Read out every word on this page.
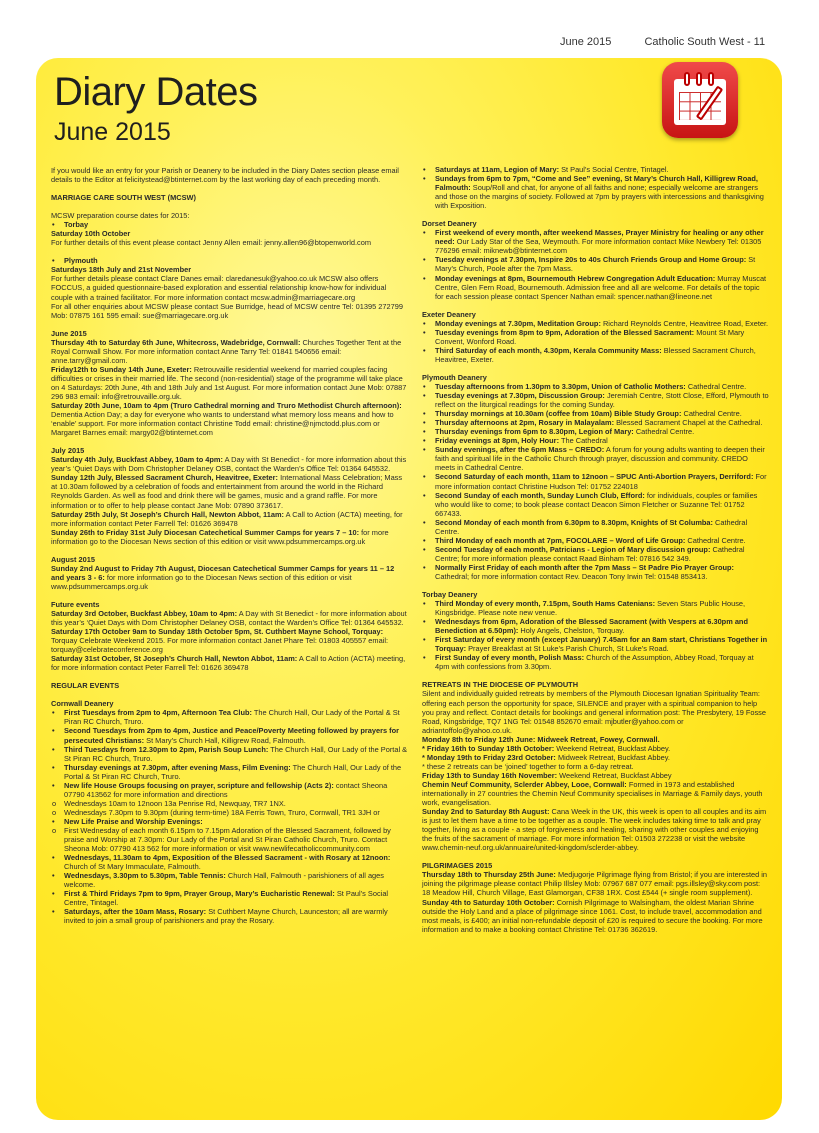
June 2015	Catholic South West - 11
Diary Dates
June 2015

If you would like an entry for your Parish or Deanery to be included in the Diary Dates section please email details to the Editor at felicitystead@btinternet.com by the last working day of each preceding month.

MARRIAGE CARE SOUTH WEST (MCSW)

MCSW preparation course dates for 2015:

• Torbay

Saturday 10th October

For further details of this event please contact Jenny Allen email: jenny.allen96@btopenworld.com

• Plymouth

Saturdays 18th July and 21st November

For further details please contact Clare Danes email: claredanesuk@yahoo.co.uk MCSW also offers FOCCUS, a guided questionnaire-based exploration and essential relationship know-how for individual couple with a trained facilitator. For more information contact mcsw.admin@marriagecare.org

For all other enquiries about MCSW please contact Sue Burridge, head of MCSW centre Tel: 01395 272799 Mob: 07875 161 595 email: sue@marriagecare.org.uk

June 2015

Thursday 4th to Saturday 6th June, Whitecross, Wadebridge, Cornwall: Churches Together Tent at the Royal Cornwall Show. For more information contact Anne Tarry Tel: 01841 540656 email: anne.tarry@gmail.com.

Friday12th to Sunday 14th June, Exeter: Retrouvaille residential weekend for married couples facing difficulties or crises in their married life. The second (non-residential) stage of the programme will take place on 4 Saturdays: 20th June, 4th and 18th July and 1st August. For more information contact June Mob: 07887 296 983 email: info@retrouvaille.org.uk.

Saturday 20th June, 10am to 4pm (Truro Cathedral morning and Truro Methodist Church afternoon): Dementia Action Day; a day for everyone who wants to understand what memory loss means and how to ‘enable’ support. For more information contact Christine Todd email: christine@njmctodd.plus.com or Margaret Barnes email: margy02@btinternet.com

July 2015

Saturday 4th July, Buckfast Abbey, 10am to 4pm: A Day with St Benedict - for more information about this year’s ‘Quiet Days with Dom Christopher Delaney OSB, contact the Warden’s Office Tel: 01364 645532.

Sunday 12th July, Blessed Sacrament Church, Heavitree, Exeter: International Mass Celebration; Mass at 10.30am followed by a celebration of foods and entertainment from around the world in the Richard Reynolds Garden. As well as food and drink there will be games, music and a grand raffle. For more information or to offer to help please contact Jane Mob: 07890 373617.

Saturday 25th July, St Joseph’s Church Hall, Newton Abbot, 11am: A Call to Action (ACTA) meeting, for more information contact Peter Farrell Tel: 01626 369478

Sunday 26th to Friday 31st July Diocesan Catechetical Summer Camps for years 7 – 10: for more information go to the Diocesan News section of this edition or visit www.pdsummercamps.org.uk

August 2015

Sunday 2nd August to Friday 7th August, Diocesan Catechetical Summer Camps for years 11 – 12 and years 3 - 6: for more information go to the Diocesan News section of this edition or visit www.pdsummercamps.org.uk

Future events

Saturday 3rd October, Buckfast Abbey, 10am to 4pm: A Day with St Benedict - for more information about this year’s ‘Quiet Days with Dom Christopher Delaney OSB, contact the Warden’s Office Tel: 01364 645532.

Saturday 17th October 9am to Sunday 18th October 5pm, St. Cuthbert Mayne School, Torquay: Torquay Celebrate Weekend 2015. For more information contact Janet Phare Tel: 01803 405557 email: torquay@celebrateconference.org

Saturday 31st October, St Joseph’s Church Hall, Newton Abbot, 11am: A Call to Action (ACTA) meeting, for more information contact Peter Farrell Tel: 01626 369478

REGULAR EVENTS

Cornwall Deanery

• First Tuesdays from 2pm to 4pm, Afternoon Tea Club: The Church Hall, Our Lady of the Portal & St Piran RC Church, Truro.
• Second Tuesdays from 2pm to 4pm, Justice and Peace/Poverty Meeting followed by prayers for persecuted Christians: St Mary’s Church Hall, Killigrew Road, Falmouth.
• Third Tuesdays from 12.30pm to 2pm, Parish Soup Lunch: The Church Hall, Our Lady of the Portal & St Piran RC Church, Truro.
• Thursday evenings at 7.30pm, after evening Mass, Film Evening: The Church Hall, Our Lady of the Portal & St Piran RC Church, Truro.
• New life House Groups focusing on prayer, scripture and fellowship (Acts 2): contact Sheona 07790 413562 for more information and directions
o Wednesdays 10am to 12noon 13a Penrise Rd, Newquay, TR7 1NX.
o Wednesdays 7.30pm to 9.30pm (during term-time) 18A Ferris Town, Truro, Cornwall, TR1 3JH or
• New Life Praise and Worship Evenings:
o First Wednesday of each month 6.15pm to 7.15pm Adoration of the Blessed Sacrament, followed by praise and Worship at 7.30pm: Our Lady of the Portal and St Piran Catholic Church, Truro. Contact Sheona Mob: 07790 413 562 for more information or visit www.newlifecatholiccommunity.com
• Wednesdays, 11.30am to 4pm, Exposition of the Blessed Sacrament - with Rosary at 12noon: Church of St Mary Immaculate, Falmouth.
• Wednesdays, 3.30pm to 5.30pm, Table Tennis: Church Hall, Falmouth - parishioners of all ages welcome.
• First & Third Fridays 7pm to 9pm, Prayer Group, Mary’s Eucharistic Renewal: St Paul’s Social Centre, Tintagel.
• Saturdays, after the 10am Mass, Rosary: St Cuthbert Mayne Church, Launceston; all are warmly invited to join a small group of parishioners and pray the Rosary.
• Saturdays at 11am, Legion of Mary: St Paul’s Social Centre, Tintagel.
• Sundays from 6pm to 7pm, “Come and See” evening, St Mary’s Church Hall, Killigrew Road, Falmouth: Soup/Roll and chat, for anyone of all faiths and none; especially welcome are strangers and those on the margins of society. Followed at 7pm by prayers with intercessions and thanksgiving with Exposition.

Dorset Deanery

• First weekend of every month, after weekend Masses, Prayer Ministry for healing or any other need: Our Lady Star of the Sea, Weymouth. For more information contact Mike Newbery Tel: 01305 776296 email: miknewb@btinternet.com
• Tuesday evenings at 7.30pm, Inspire 20s to 40s Church Friends Group and Home Group: St Mary’s Church, Poole after the 7pm Mass.
• Monday evenings at 8pm, Bournemouth Hebrew Congregation Adult Education: Murray Muscat Centre, Glen Fern Road, Bournemouth. Admission free and all are welcome. For details of the topic for each session please contact Spencer Nathan email: spencer.nathan@lineone.net

Exeter Deanery

• Monday evenings at 7.30pm, Meditation Group: Richard Reynolds Centre, Heavitree Road, Exeter.
• Tuesday evenings from 8pm to 9pm, Adoration of the Blessed Sacrament: Mount St Mary Convent, Wonford Road.
• Third Saturday of each month, 4.30pm, Kerala Community Mass: Blessed Sacrament Church, Heavitree, Exeter.

Plymouth Deanery

• Tuesday afternoons from 1.30pm to 3.30pm, Union of Catholic Mothers: Cathedral Centre.
• Tuesday evenings at 7.30pm, Discussion Group: Jeremiah Centre, Stott Close, Efford, Plymouth to reflect on the liturgical readings for the coming Sunday.
• Thursday mornings at 10.30am (coffee from 10am) Bible Study Group: Cathedral Centre.
• Thursday afternoons at 2pm, Rosary in Malayalam: Blessed Sacrament Chapel at the Cathedral.
• Thursday evenings from 6pm to 8.30pm, Legion of Mary: Cathedral Centre.
• Friday evenings at 8pm, Holy Hour: The Cathedral
• Sunday evenings, after the 6pm Mass – CREDO: A forum for young adults wanting to deepen their faith and spiritual life in the Catholic Church through prayer, discussion and community. CREDO meets in Cathedral Centre.
• Second Saturday of each month, 11am to 12noon – SPUC Anti-Abortion Prayers, Derriford: For more information contact Christine Hudson Tel: 01752 224018
• Second Sunday of each month, Sunday Lunch Club, Efford: for individuals, couples or families who would like to come; to book please contact Deacon Simon Fletcher or Suzanne Tel: 01752 667433.
• Second Monday of each month from 6.30pm to 8.30pm, Knights of St Columba: Cathedral Centre.
• Third Monday of each month at 7pm, FOCOLARE – Word of Life Group: Cathedral Centre.
• Second Tuesday of each month, Patricians - Legion of Mary discussion group: Cathedral Centre; for more information please contact Raad Binham Tel: 07816 542 349.
• Normally First Friday of each month after the 7pm Mass – St Padre Pio Prayer Group: Cathedral; for more information contact Rev. Deacon Tony Irwin Tel: 01548 853413.

Torbay Deanery

• Third Monday of every month, 7.15pm, South Hams Catenians: Seven Stars Public House, Kingsbridge. Please note new venue.
• Wednesdays from 6pm, Adoration of the Blessed Sacrament (with Vespers at 6.30pm and Benediction at 6.50pm): Holy Angels, Chelston, Torquay.
• First Saturday of every month (except January) 7.45am for an 8am start, Christians Together in Torquay: Prayer Breakfast at St Luke’s Parish Church, St Luke’s Road.
• First Sunday of every month, Polish Mass: Church of the Assumption, Abbey Road, Torquay at 4pm with confessions from 3.30pm.

RETREATS IN THE DIOCESE OF PLYMOUTH

Silent and individually guided retreats by members of the Plymouth Diocesan Ignatian Spirituality Team: offering each person the opportunity for space, SILENCE and prayer with a spiritual companion to help you pray and reflect. Contact details for bookings and general information post: The Presbytery, 19 Fosse Road, Kingsbridge, TQ7 1NG Tel: 01548 852670 email: mjbutler@yahoo.com or adriantoffolo@yahoo.co.uk.

Monday 8th to Friday 12th June: Midweek Retreat, Fowey, Cornwall.

* Friday 16th to Sunday 18th October: Weekend Retreat, Buckfast Abbey.

* Monday 19th to Friday 23rd October: Midweek Retreat, Buckfast Abbey.

* these 2 retreats can be ‘joined’ together to form a 6-day retreat.

Friday 13th to Sunday 16th November: Weekend Retreat, Buckfast Abbey

Chemin Neuf Community, Sclerder Abbey, Looe, Cornwall: Formed in 1973 and established internationally in 27 countries the Chemin Neuf Community specialises in Marriage & Family days, youth work, evangelisation.

Sunday 2nd to Saturday 8th August: Cana Week in the UK, this week is open to all couples and its aim is just to let them have a time to be together as a couple. The week includes taking time to talk and pray together, living as a couple - a step of forgiveness and healing, sharing with other couples and enjoying the fruits of the sacrament of marriage. For more information Tel: 01503 272238 or visit the website www.chemin-neuf.org.uk/annuaire/united-kingdom/sclerder-abbey.

PILGRIMAGES 2015

Thursday 18th to Thursday 25th June: Medjugorje Pilgrimage flying from Bristol; if you are interested in joining the pilgrimage please contact Philip Illsley Mob: 07967 687 077 email: pgs.illsley@sky.com post: 18 Meadow Hill, Church Village, East Glamorgan, CF38 1RX. Cost £544 (+ single room supplement).

Sunday 4th to Saturday 10th October: Cornish Pilgrimage to Walsingham, the oldest Marian Shrine outside the Holy Land and a place of pilgrimage since 1061. Cost, to include travel, accommodation and most meals, is £400; an initial non-refundable deposit of £20 is required to secure the booking. For more information and to make a booking contact Christine Tel: 01736 362619.
